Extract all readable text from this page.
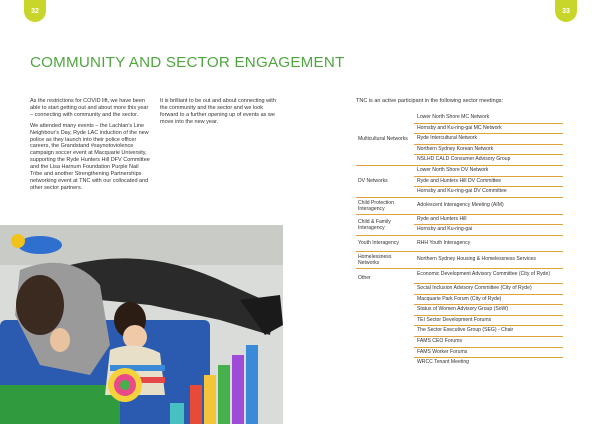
32	33
COMMUNITY AND SECTOR ENGAGEMENT

As the restrictions for COVID lift, we have been able to start getting out and about more this year – connecting with community and the sector.

We attended many events – the Lachlan's Line Neighbour's Day, Ryde LAC induction of the new police as they launch into their police officer careers, the Grandstand #saynotoviolence campaign soccer event at Macquarie University, supporting the Ryde Hunters Hill DFV Committee and the Lisa Harnum Foundation Purple Nail Tribe and another Strengthening Partnerships networking event at TNC with our collocated and other sector partners.

It is brilliant to be out and about connecting with the community and the sector and we look forward to a further opening up of events as we move into the new year.

TNC is an active participant in the following sector meetings:
Multicultural Networks
Lower North Shore MC Network
Hornsby and Ku-ring-gai MC Network
Ryde Intercultural Network
Northern Sydney Korean Network
NSLHD CALD Consumer Advisory Group
DV Networks
Lower North Shore DV Network
Ryde and Hunters Hill DV Committee
Hornsby and Ku-ring-gai DV Committee
Child Protection Interagency
Adolescent Interagency Meeting (AIM)
Child & Family Interagency
Ryde and Hunters Hill
Hornsby and Ku-ring-gai
Youth Interagency	RHH Youth Interagency
Homelessness Networks
Northern Sydney Housing & Homelessness Services
Other
Economic Development Advisory Committee (City of Ryde)
Social Inclusion Advisory Committee (City of Ryde)
Macquarie Park Forum (City of Ryde)
Status of Women Advisory Group (SoW)
TEI Sector Development Forums
The Sector Executive Group (SEG) - Chair
FAMS CEO Forums
FAMS Worker Forums
WRCC Tenant Meeting
